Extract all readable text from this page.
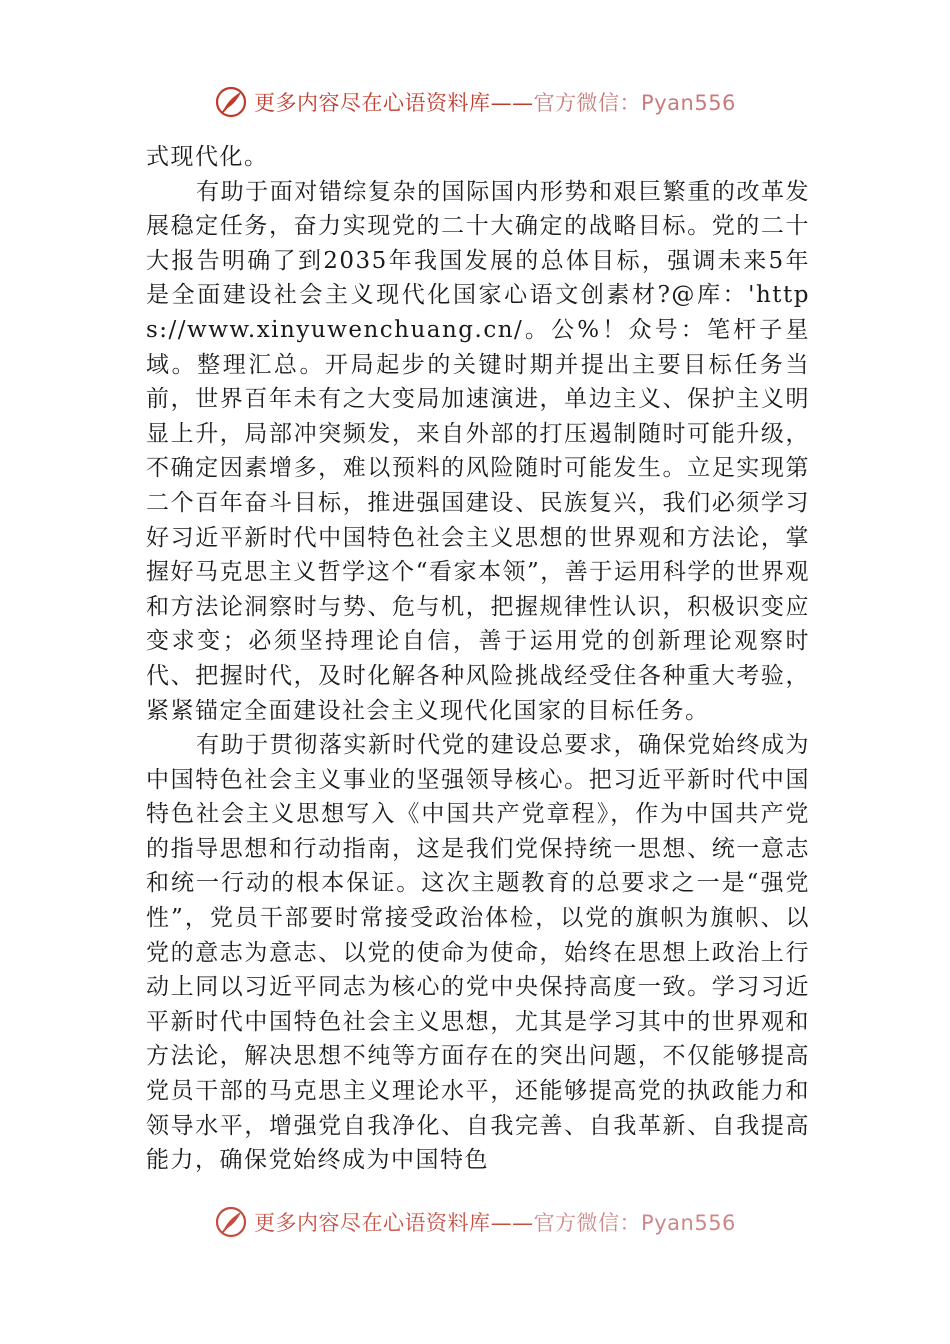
更多内容尽在心语资料库——官方微信：Pyan556

式现代化。

有助于面对错综复杂的国际国内形势和艰巨繁重的改革发展稳定任务，奋力实现党的二十大确定的战略目标。党的二十大报告明确了到2035年我国发展的总体目标，强调未来5年是全面建设社会主义现代化国家心语文创素材?@库：'https://www.xinyuwenchuang.cn/。公%！众号：笔杆子星域。整理汇总。开局起步的关键时期并提出主要目标任务当前，世界百年未有之大变局加速演进，单边主义、保护主义明显上升，局部冲突频发，来自外部的打压遏制随时可能升级，不确定因素增多，难以预料的风险随时可能发生。立足实现第二个百年奋斗目标，推进强国建设、民族复兴，我们必须学习好习近平新时代中国特色社会主义思想的世界观和方法论，掌握好马克思主义哲学这个“看家本领”，善于运用科学的世界观和方法论洞察时与势、危与机，把握规律性认识，积极识变应变求变；必须坚持理论自信，善于运用党的创新理论观察时代、把握时代，及时化解各种风险挑战经受住各种重大考验，紧紧锚定全面建设社会主义现代化国家的目标任务。

有助于贯彻落实新时代党的建设总要求，确保党始终成为中国特色社会主义事业的坚强领导核心。把习近平新时代中国特色社会主义思想写入《中国共产党章程》，作为中国共产党的指导思想和行动指南，这是我们党保持统一思想、统一意志和统一行动的根本保证。这次主题教育的总要求之一是“强党性”，党员干部要时常接受政治体检，以党的旗帜为旗帜、以党的意志为意志、以党的使命为使命，始终在思想上政治上行动上同以习近平同志为核心的党中央保持高度一致。学习习近平新时代中国特色社会主义思想，尤其是学习其中的世界观和方法论，解决思想不纯等方面存在的突出问题，不仅能够提高党员干部的马克思主义理论水平，还能够提高党的执政能力和领导水平，增强党自我净化、自我完善、自我革新、自我提高能力，确保党始终成为中国特色

更多内容尽在心语资料库——官方微信：Pyan556
